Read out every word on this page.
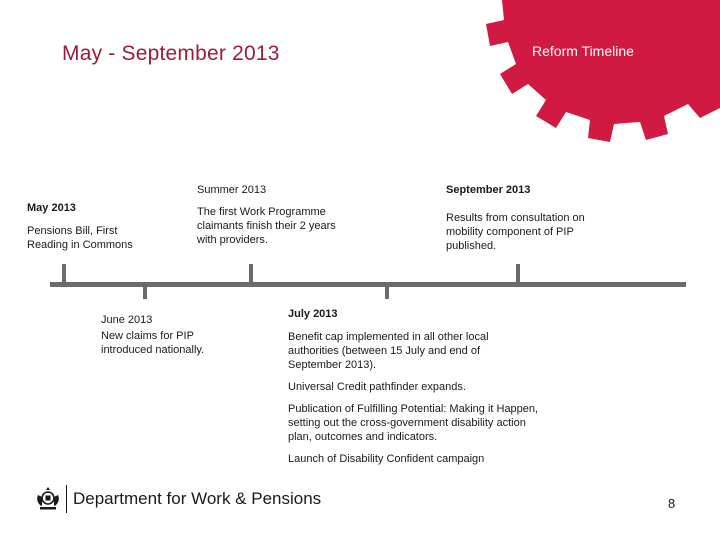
May - September 2013	Reform Timeline
May 2013
Pensions Bill, First Reading in Commons
Summer 2013
The first Work Programme claimants finish their 2 years with providers.
September 2013
Results from consultation on mobility component of PIP published.
June 2013
New claims for PIP introduced nationally.
July 2013
Benefit cap implemented in all other local authorities (between 15 July and end of September 2013).
Universal Credit pathfinder expands.
Publication of Fulfilling Potential: Making it Happen, setting out the cross-government disability action plan, outcomes and indicators.
Launch of Disability Confident campaign
Department for Work & Pensions	8
